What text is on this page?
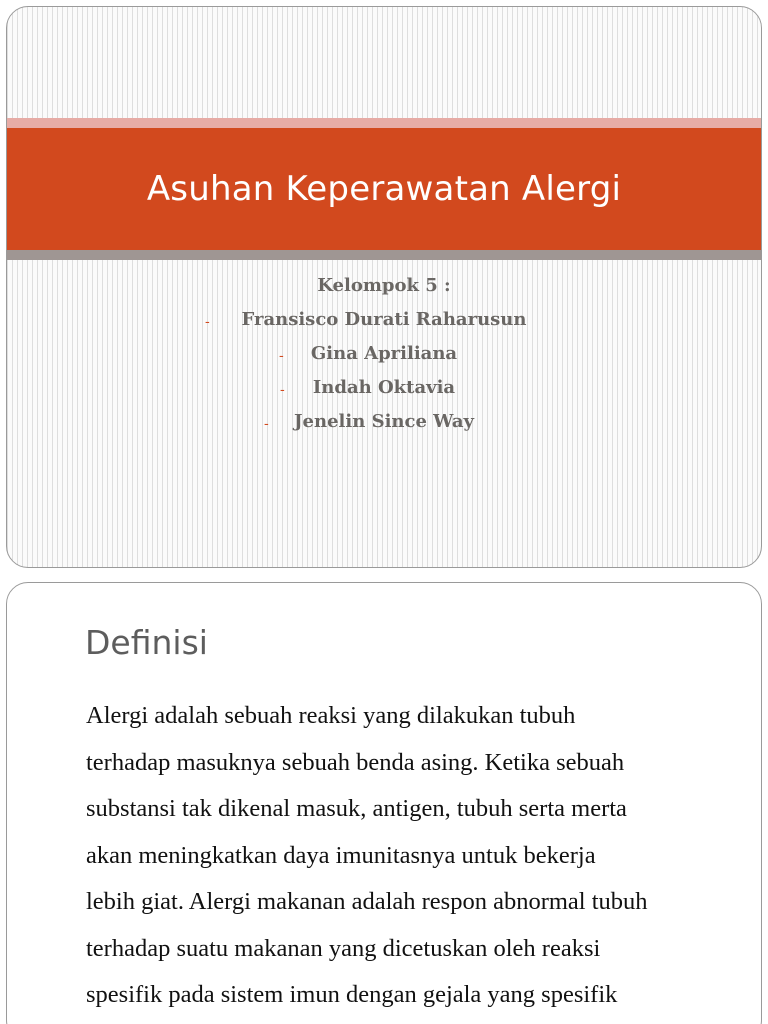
Asuhan Keperawatan Alergi
Kelompok 5 :
- Fransisco Durati Raharusun
- Gina Apriliana
- Indah Oktavia
- Jenelin Since Way
Definisi
Alergi adalah sebuah reaksi yang dilakukan tubuh
terhadap masuknya sebuah benda asing. Ketika sebuah
substansi tak dikenal masuk, antigen, tubuh serta merta
akan meningkatkan daya imunitasnya untuk bekerja
lebih giat. Alergi makanan adalah respon abnormal tubuh
terhadap suatu makanan yang dicetuskan oleh reaksi
spesifik pada sistem imun dengan gejala yang spesifik
